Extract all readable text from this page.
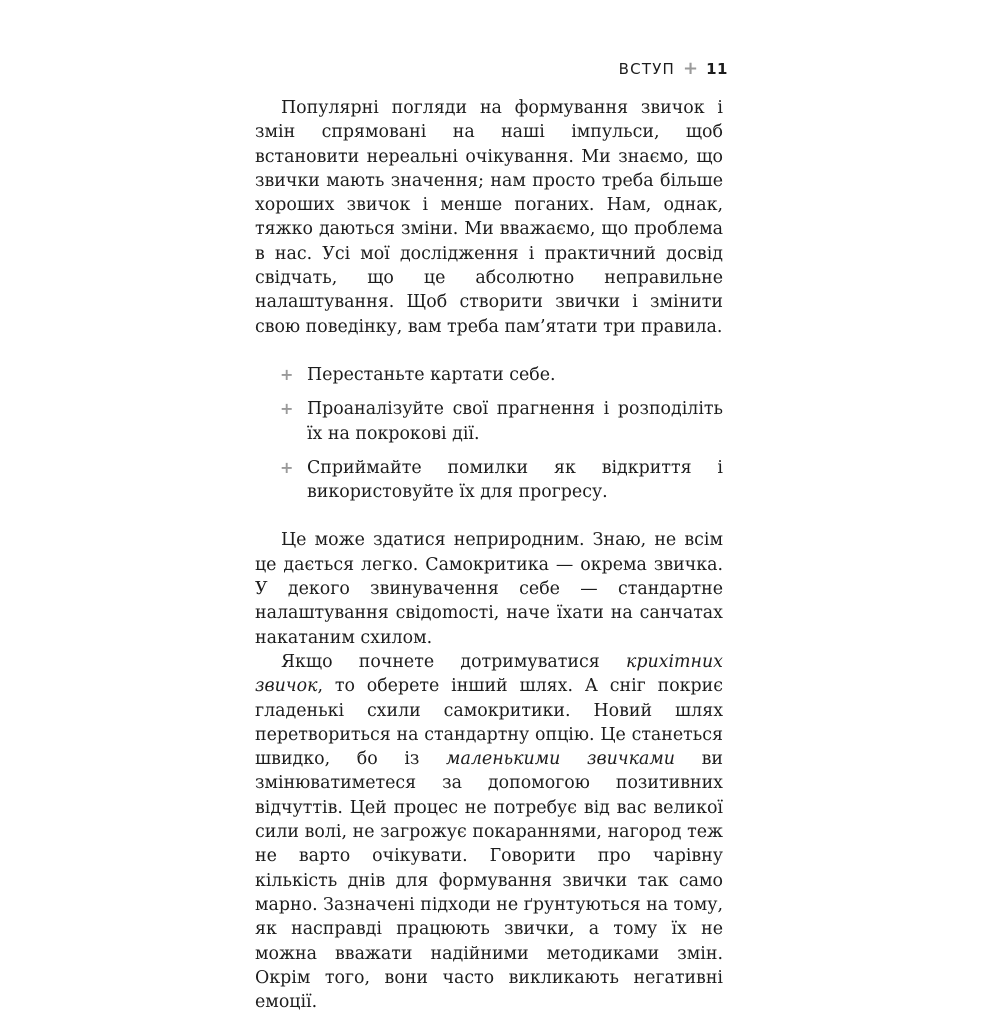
ВСТУП + 11

Популярні погляди на формування звичок і змін спрямовані на наші імпульси, щоб встановити нереальні очікування. Ми знаємо, що звички мають значення; нам просто треба більше хороших звичок і менше поганих. Нам, однак, тяжко даються зміни. Ми вважаємо, що проблема в нас. Усі мої дослідження і практичний досвід свідчать, що це абсолютно неправильне налаштування. Щоб створити звички і змінити свою поведінку, вам треба пам’ятати три правила.

+ Перестаньте картати себе.
+ Проаналізуйте свої прагнення і розподіліть їх на покрокові дії.
+ Сприймайте помилки як відкриття і використовуйте їх для прогресу.

Це може здатися неприродним. Знаю, не всім це дається легко. Самокритика — окрема звичка. У декого звинувачення себе — стандартне налаштування свідоmості, наче їхати на санчатах накатаним схилом.

Якщо почнете дотримуватися крихітних звичок, то оберете інший шлях. А сніг покриє гладенькі схили самокритики. Новий шлях перетвориться на стандартну опцію. Це станеться швидко, бо із маленькими звичками ви змінюватиметеся за допомогою позитивних відчуттів. Цей процес не потребує від вас великої сили волі, не загрожує покараннями, нагород теж не варто очікувати. Говорити про чарівну кількість днів для формування звички так само марно. Зазначені підходи не ґрунтуються на тому, як насправді працюють звички, а тому їх не можна вважати надійними методиками змін. Окрім того, вони часто викликають негативні емоції.
